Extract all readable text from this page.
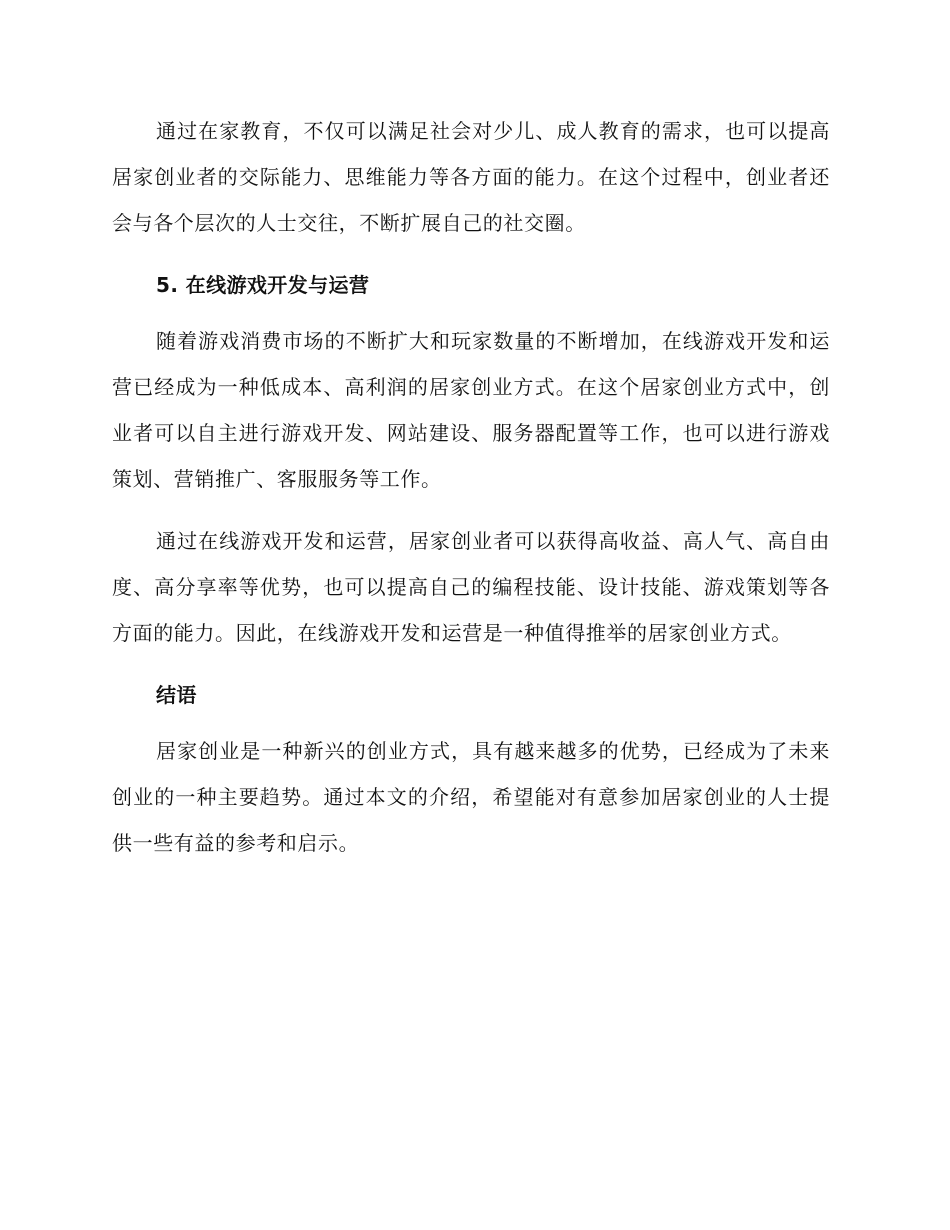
通过在家教育，不仅可以满足社会对少儿、成人教育的需求，也可以提高居家创业者的交际能力、思维能力等各方面的能力。在这个过程中，创业者还会与各个层次的人士交往，不断扩展自己的社交圈。

5. 在线游戏开发与运营

随着游戏消费市场的不断扩大和玩家数量的不断增加，在线游戏开发和运营已经成为一种低成本、高利润的居家创业方式。在这个居家创业方式中，创业者可以自主进行游戏开发、网站建设、服务器配置等工作，也可以进行游戏策划、营销推广、客服服务等工作。

通过在线游戏开发和运营，居家创业者可以获得高收益、高人气、高自由度、高分享率等优势，也可以提高自己的编程技能、设计技能、游戏策划等各方面的能力。因此，在线游戏开发和运营是一种值得推举的居家创业方式。

结语

居家创业是一种新兴的创业方式，具有越来越多的优势，已经成为了未来创业的一种主要趋势。通过本文的介绍，希望能对有意参加居家创业的人士提供一些有益的参考和启示。
